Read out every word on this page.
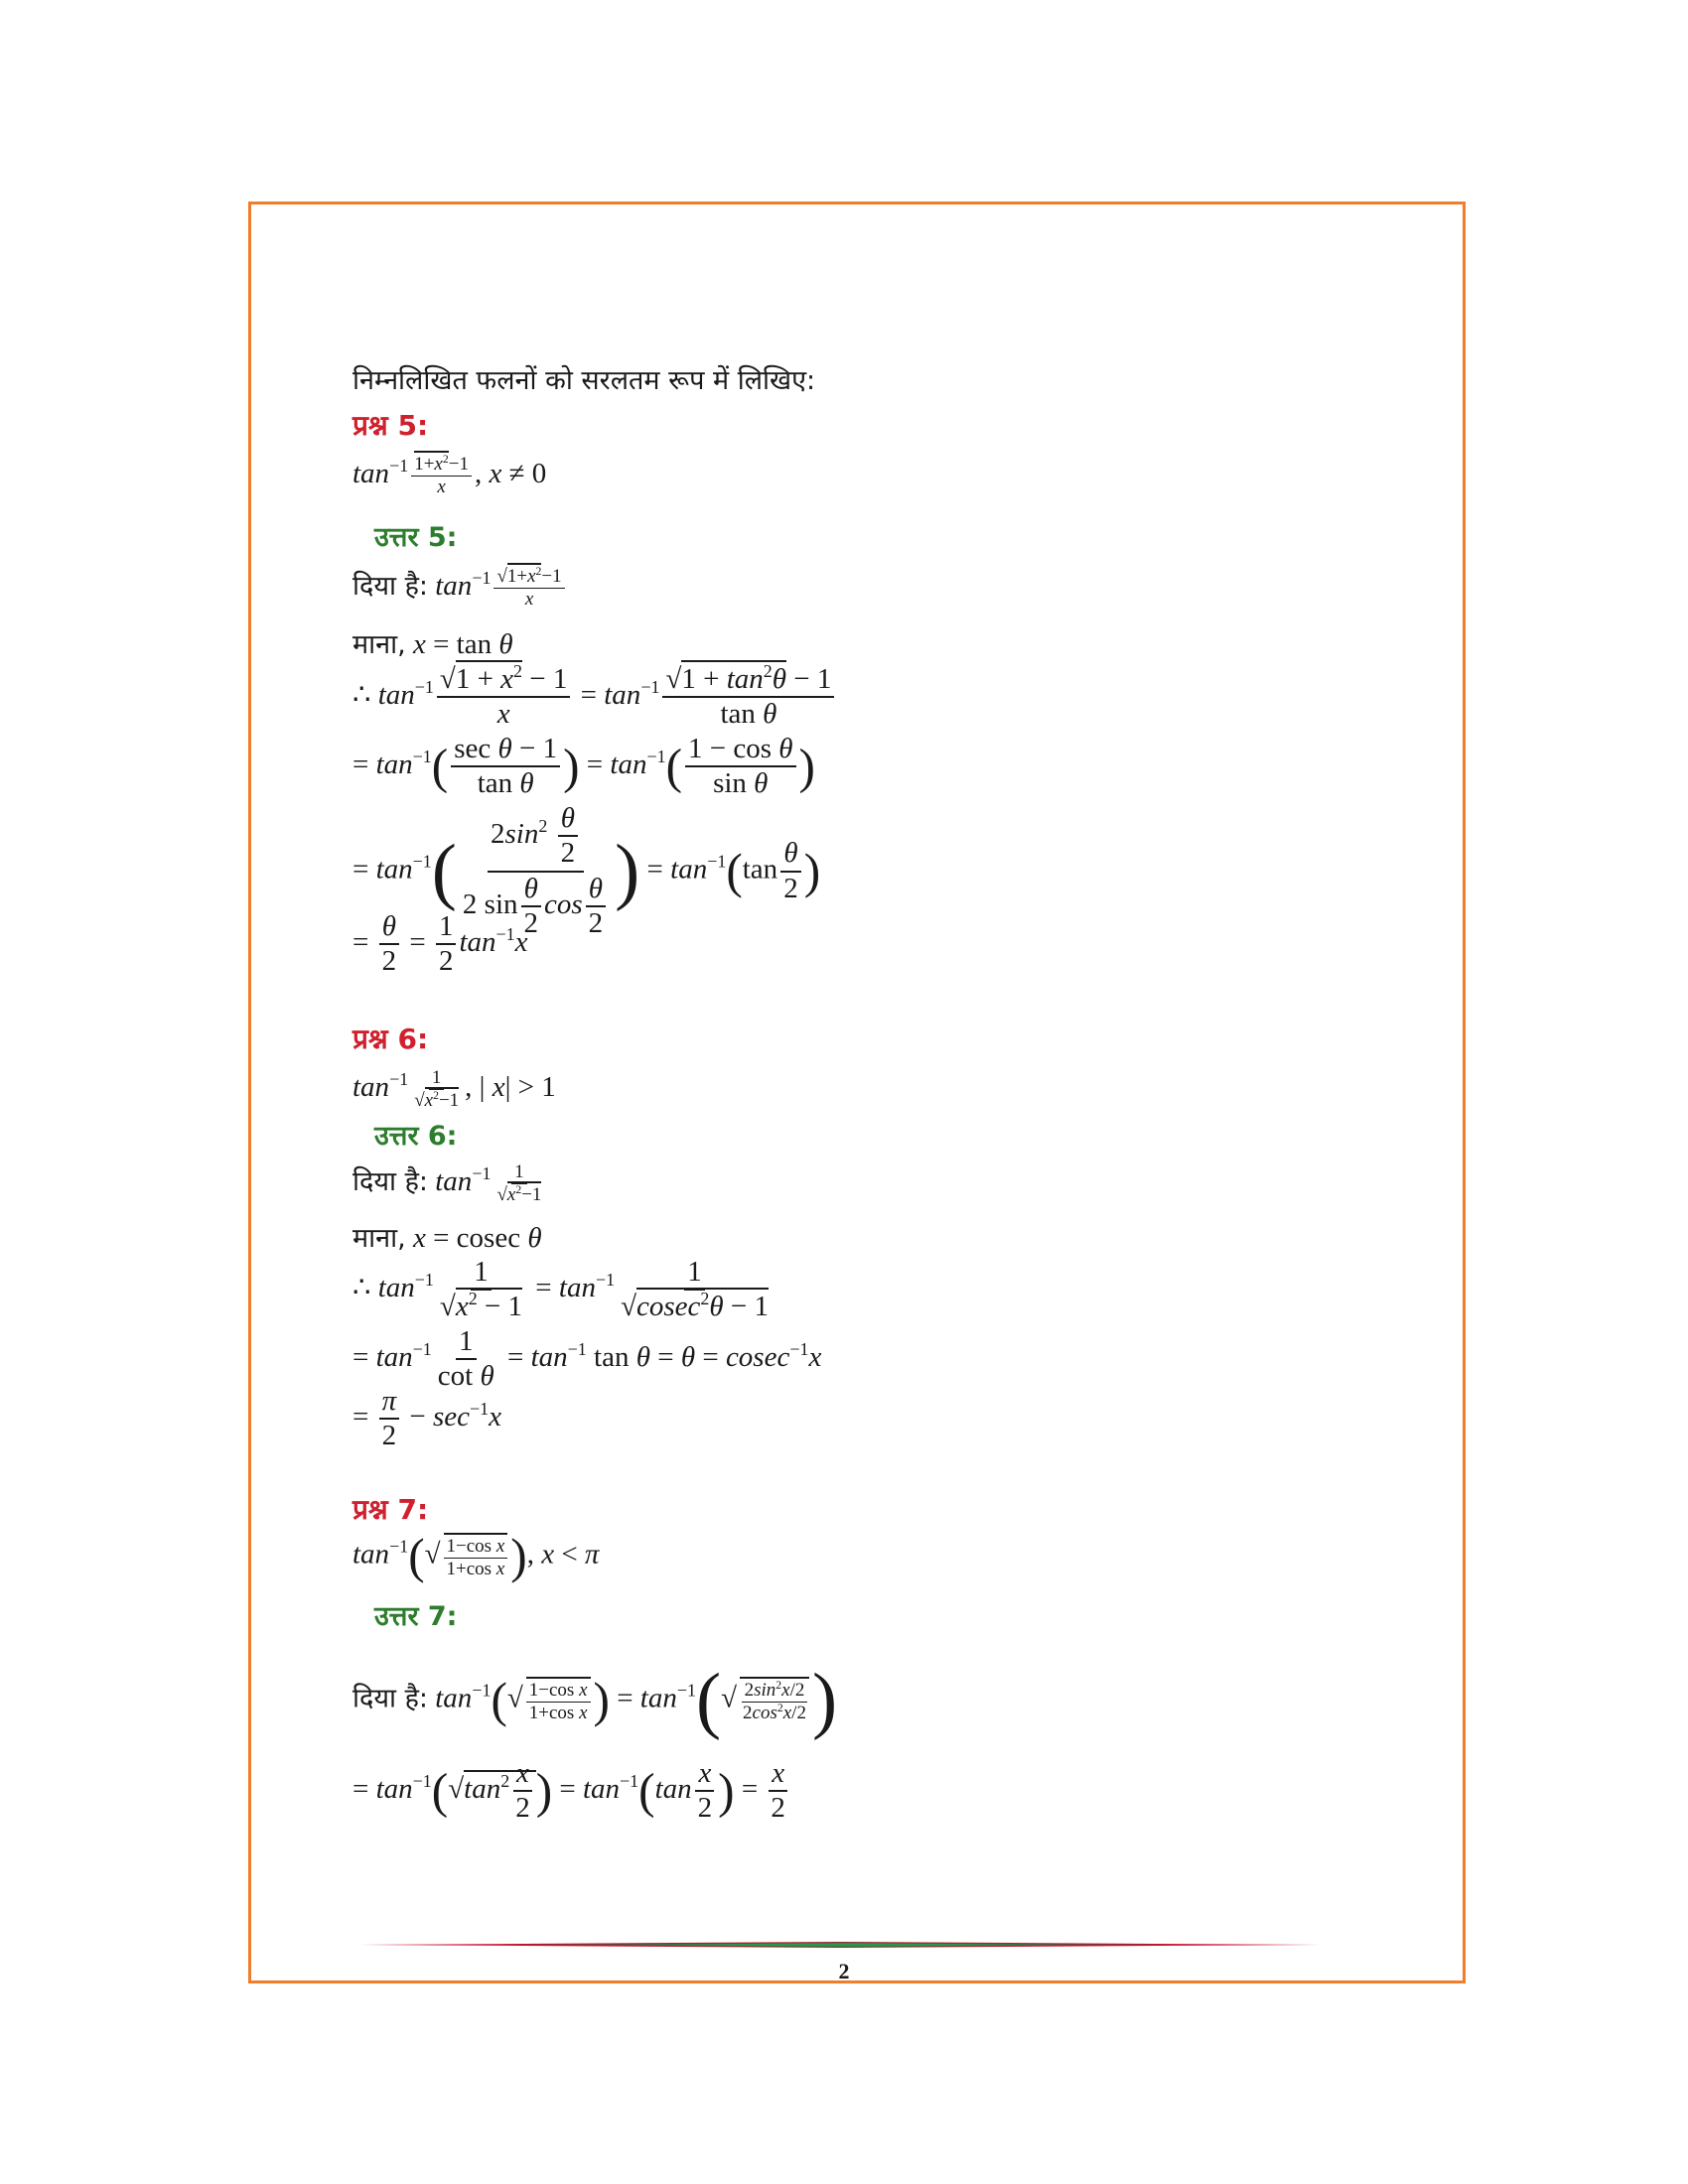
निम्नलिखित फलनों को सरलतम रूप में लिखिए:
प्रश्न 5:
$\tan^{-1} \frac{1+x^2-1}{x}$ , x ≠ 0
उत्तर 5:
दिया है: $\tan^{-1} \frac{√1+x^2-1}{x}$
माना, x = tan θ
∴ $\tan^{-1} \frac{√1 + x^2 - 1}{x} = \tan^{-1} \frac{√1 + \tan^2\theta - 1}{\text{tan θ}}$
= $\tan^{-1}( \frac{\text{sec θ − 1}}{\text{tan θ}}$ ) = $\tan^{-1}( \frac{\text{1 − cos θ}}{\text{sin θ}}$ )
= $\tan^{-1}( \frac{2\sin^2 \frac{\theta}{2}}{2 \sin \frac{\theta}{2} \cos \frac{\theta}{2}}$ ) = $\tan^{-1}(\tan \frac{\theta}{2}$ )
= $\frac{\theta}{2} = \frac{1}{2} \tan^{-1}x$
प्रश्न 6:
$\tan^{-1} \frac{1}{√x^2-1}$ , | x| > 1
उत्तर 6:
दिया है: $\tan^{-1} \frac{1}{√x^2-1}$
माना, x = cosec θ
∴ $\tan^{-1} \frac{1}{√x^2 - 1} = \tan^{-1} \frac{1}{√cosec^2\theta - 1}$
= $\tan^{-1} \frac{1}{\text{cot θ}} = \tan^{-1} \tan \theta = \theta = cosec^{-1}x$
= $\frac{\pi}{2} - \sec^{-1}x$
प्रश्न 7:
$\tan^{-1}(√ \frac{\text{1−cos x}}{\text{1+cos x}}$ ), x < π
उत्तर 7:
दिया है: $\tan^{-1}(√ \frac{\text{1−cos x}}{\text{1+cos x}}$ ) = $\tan^{-1}(√ \frac{2\sin^2x/2}{2\cos^2x/2}$ )
= $\tan^{-1}(√\tan^2 \frac{x}{2}$ ) = $\tan^{-1}(\tan \frac{x}{2}$ ) = $\frac{x}{2}$
2
